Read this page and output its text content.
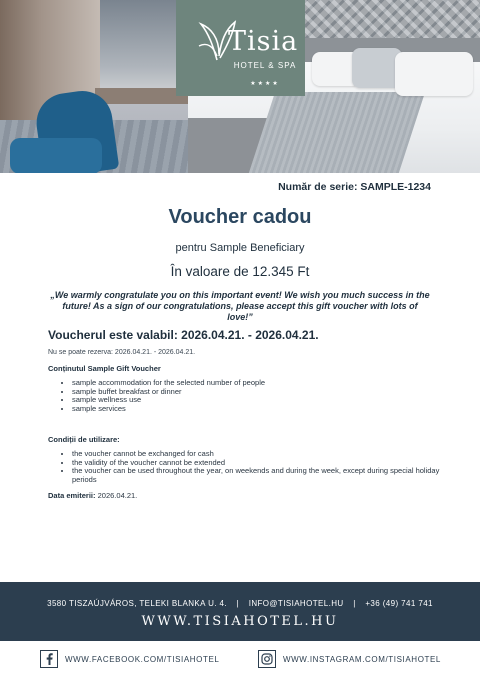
Tisia
HOTEL & SPA
★★★★
Număr de serie: SAMPLE-1234
Voucher cadou
pentru Sample Beneficiary
În valoare de 12.345 Ft
„We warmly congratulate you on this important event! We wish you much success in the future! As a sign of our congratulations, please accept this gift voucher with lots of love!”
Voucherul este valabil: 2026.04.21. - 2026.04.21.
Nu se poate rezerva: 2026.04.21. - 2026.04.21.
Conținutul Sample Gift Voucher
• sample accommodation for the selected number of people
• sample buffet breakfast or dinner
• sample wellness use
• sample services
Condiții de utilizare:
• the voucher cannot be exchanged for cash
• the validity of the voucher cannot be extended
• the voucher can be used throughout the year, on weekends and during the week, except during special holiday periods
Data emiterii: 2026.04.21.
3580 TISZAÚJVÁROS, TELEKI BLANKA U. 4. | INFO@TISIAHOTEL.HU | +36 (49) 741 741
WWW.TISIAHOTEL.HU
WWW.FACEBOOK.COM/TISIAHOTEL	WWW.INSTAGRAM.COM/TISIAHOTEL
